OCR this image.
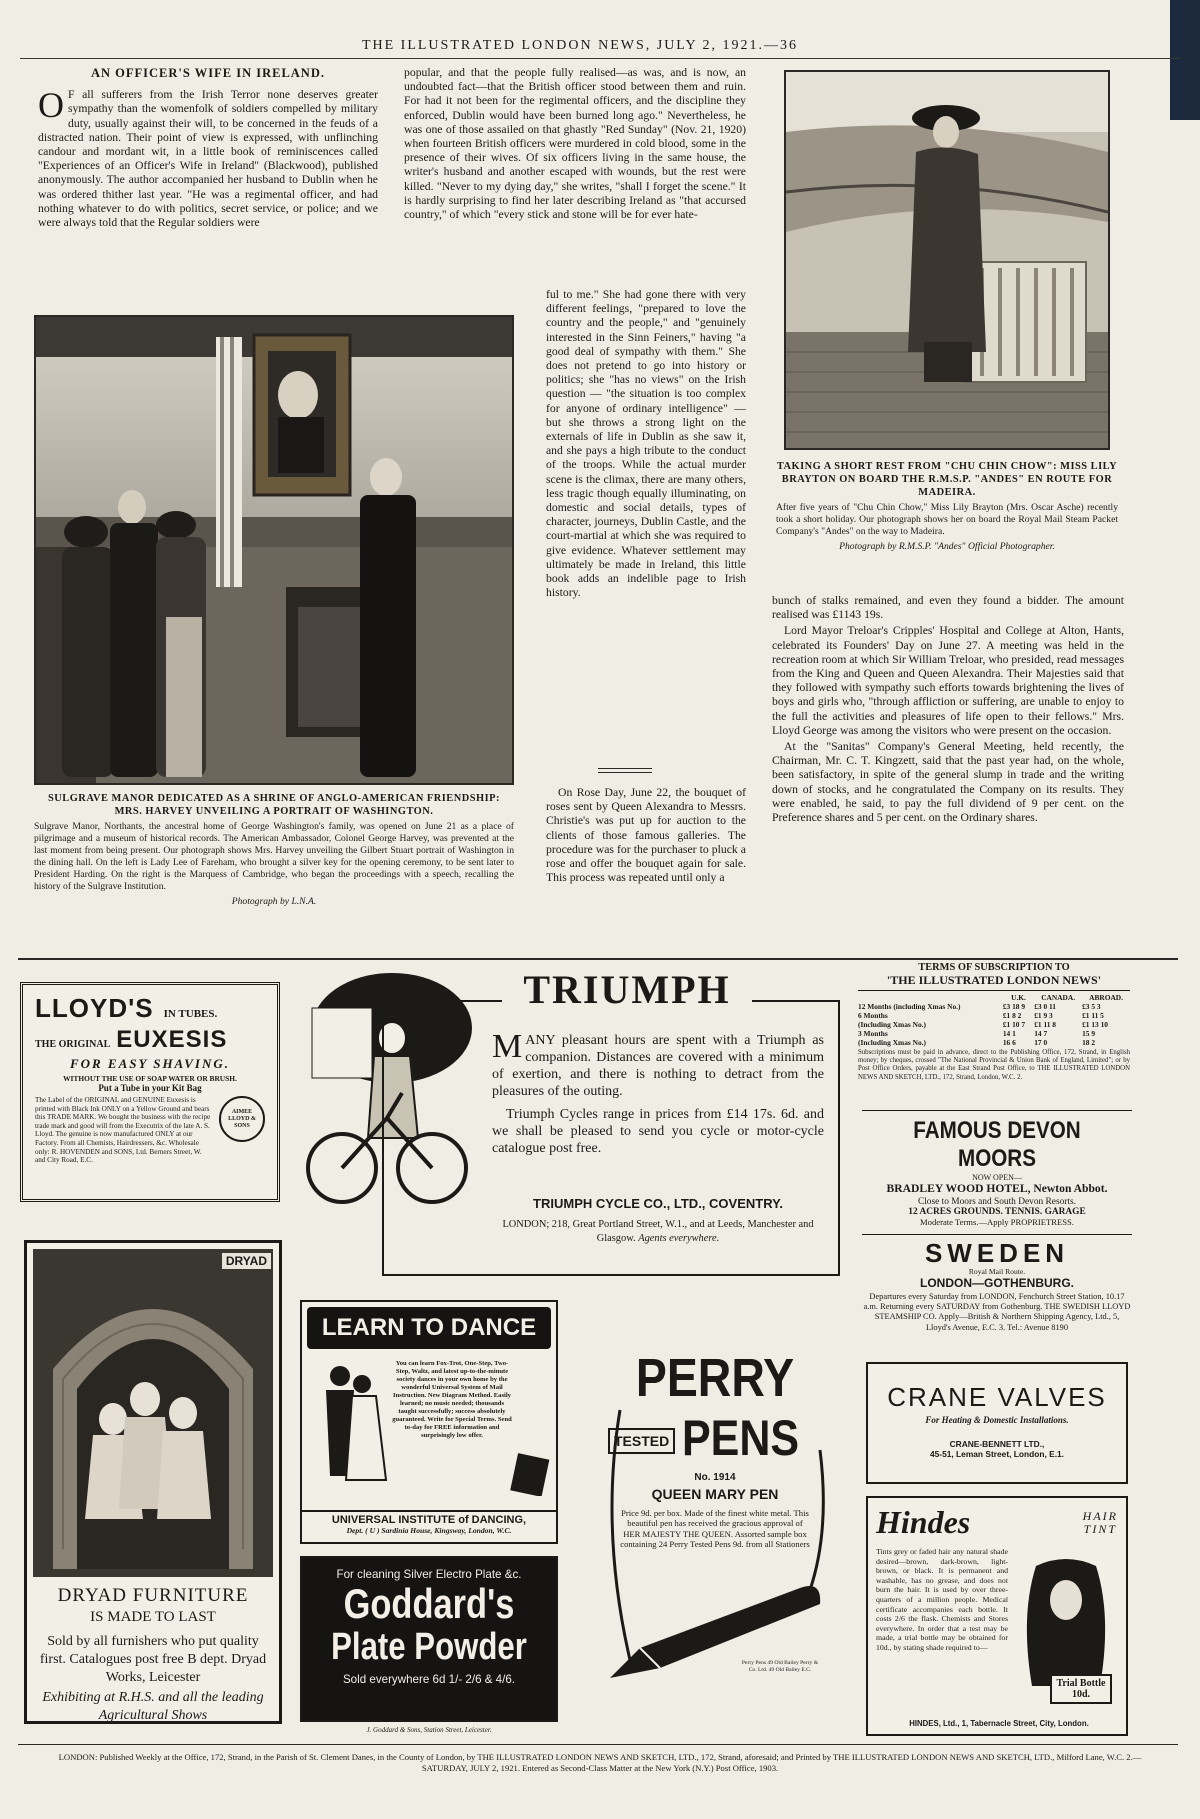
THE ILLUSTRATED LONDON NEWS, JULY 2, 1921.—36
AN OFFICER'S WIFE IN IRELAND.

O F all sufferers from the Irish Terror none deserves greater sympathy than the womenfolk of soldiers compelled by military duty, usually against their will, to be concerned in the feuds of a distracted nation. Their point of view is expressed, with unflinching candour and mordant wit, in a little book of reminiscences called "Experiences of an Officer's Wife in Ireland" (Blackwood), published anonymously. The author accompanied her husband to Dublin when he was ordered thither last year. "He was a regimental officer, and had nothing whatever to do with politics, secret service, or police; and we were always told that the Regular soldiers were

popular, and that the people fully realised—as was, and is now, an undoubted fact—that the British officer stood between them and ruin. For had it not been for the regimental officers, and the discipline they enforced, Dublin would have been burned long ago." Nevertheless, he was one of those assailed on that ghastly "Red Sunday" (Nov. 21, 1920) when fourteen British officers were murdered in cold blood, some in the presence of their wives. Of six officers living in the same house, the writer's husband and another escaped with wounds, but the rest were killed. "Never to my dying day," she writes, "shall I forget the scene." It is hardly surprising to find her later describing Ireland as "that accursed country," of which "every stick and stone will be for ever hate-

SULGRAVE MANOR DEDICATED AS A SHRINE OF ANGLO-AMERICAN FRIENDSHIP: MRS. HARVEY UNVEILING A PORTRAIT OF WASHINGTON.
Sulgrave Manor, Northants, the ancestral home of George Washington's family, was opened on June 21 as a place of pilgrimage and a museum of historical records. The American Ambassador, Colonel George Harvey, was prevented at the last moment from being present. Our photograph shows Mrs. Harvey unveiling the Gilbert Stuart portrait of Washington in the dining hall. On the left is Lady Lee of Fareham, who brought a silver key for the opening ceremony, to be sent later to President Harding. On the right is the Marquess of Cambridge, who began the proceedings with a speech, recalling the history of the Sulgrave Institution.
Photograph by L.N.A.

ful to me." She had gone there with very different feelings, "prepared to love the country and the people," and "genuinely interested in the Sinn Feiners," having "a good deal of sympathy with them." She does not pretend to go into history or politics; she "has no views" on the Irish question — "the situation is too complex for anyone of ordinary intelligence" — but she throws a strong light on the externals of life in Dublin as she saw it, and she pays a high tribute to the conduct of the troops. While the actual murder scene is the climax, there are many others, less tragic though equally illuminating, on domestic and social details, types of character, journeys, Dublin Castle, and the court-martial at which she was required to give evidence. Whatever settlement may ultimately be made in Ireland, this little book adds an indelible page to Irish history.

On Rose Day, June 22, the bouquet of roses sent by Queen Alexandra to Messrs. Christie's was put up for auction to the clients of those famous galleries. The procedure was for the purchaser to pluck a rose and offer the bouquet again for sale. This process was repeated until only a

TAKING A SHORT REST FROM "CHU CHIN CHOW": MISS LILY BRAYTON ON BOARD THE R.M.S.P. "ANDES" EN ROUTE FOR MADEIRA.
After five years of "Chu Chin Chow," Miss Lily Brayton (Mrs. Oscar Asche) recently took a short holiday. Our photograph shows her on board the Royal Mail Steam Packet Company's "Andes" on the way to Madeira.
Photograph by R.M.S.P. "Andes" Official Photographer.

bunch of stalks remained, and even they found a bidder. The amount realised was £1143 19s.

Lord Mayor Treloar's Cripples' Hospital and College at Alton, Hants, celebrated its Founders' Day on June 27. A meeting was held in the recreation room at which Sir William Treloar, who presided, read messages from the King and Queen and Queen Alexandra. Their Majesties said that they followed with sympathy such efforts towards brightening the lives of boys and girls who, "through affliction or suffering, are unable to enjoy to the full the activities and pleasures of life open to their fellows." Mrs. Lloyd George was among the visitors who were present on the occasion.

At the "Sanitas" Company's General Meeting, held recently, the Chairman, Mr. C. T. Kingzett, said that the past year had, on the whole, been satisfactory, in spite of the general slump in trade and the writing down of stocks, and he congratulated the Company on its results. They were enabled, he said, to pay the full dividend of 9 per cent. on the Preference shares and 5 per cent. on the Ordinary shares.

LLOYD'S IN TUBES.
THE ORIGINAL EUXESIS
FOR EASY SHAVING.
WITHOUT THE USE OF SOAP WATER OR BRUSH.
Put a Tube in your Kit Bag
The Label of the ORIGINAL and GENUINE Euxesis is printed with Black Ink ONLY on a Yellow Ground and bears this TRADE MARK. We bought the business with the recipe trade mark and good will from the Executrix of the late A. S. Lloyd. The genuine is now manufactured ONLY at our Factory. From all Chemists, Hairdressers, &c. Wholesale only: R. HOVENDEN and SONS, Ltd. Berners Street, W. and City Road, E.C.
AIMEE LLOYD & SONS
TRIUMPH

MANY pleasant hours are spent with a Triumph as companion. Distances are covered with a minimum of exertion, and there is nothing to detract from the pleasures of the outing.

Triumph Cycles range in prices from £14 17s. 6d. and we shall be pleased to send you cycle or motor-cycle catalogue post free.

TRIUMPH CYCLE CO., LTD., COVENTRY.
LONDON; 218, Great Portland Street, W.1., and at Leeds, Manchester and Glasgow. Agents everywhere.
TERMS OF SUBSCRIPTION TO
'THE ILLUSTRATED LONDON NEWS'
	U.K.	CANADA.	ABROAD.
12 Months (including Xmas No.)	£3 18 9	£3 0 11	£3 5 3
6 Months	£1 8 2	£1 9 3	£1 11 5
(Including Xmas No.)	£1 10 7	£1 11 8	£1 13 10
3 Months	14 1	14 7	15 9
(Including Xmas No.)	16 6	17 0	18 2
Subscriptions must be paid in advance, direct to the Publishing Office, 172, Strand, in English money; by cheques, crossed "The National Provincial & Union Bank of England, Limited"; or by Post Office Orders, payable at the East Strand Post Office, to THE ILLUSTRATED LONDON NEWS AND SKETCH, LTD., 172, Strand, London, W.C. 2.
FAMOUS DEVON MOORS
NOW OPEN—
BRADLEY WOOD HOTEL, Newton Abbot.
Close to Moors and South Devon Resorts.
12 ACRES GROUNDS. TENNIS. GARAGE
Moderate Terms.—Apply PROPRIETRESS.
SWEDEN
Royal Mail Route.
LONDON—GOTHENBURG.
Departures every Saturday from LONDON, Fenchurch Street Station, 10.17 a.m. Returning every SATURDAY from Gothenburg. THE SWEDISH LLOYD STEAMSHIP CO. Apply—British & Northern Shipping Agency, Ltd., 5, Lloyd's Avenue, E.C. 3. Tel.: Avenue 8190
CRANE VALVES
For Heating & Domestic Installations.
CRANE-BENNETT LTD.,
45-51, Leman Street, London, E.1.
Hindes	HAIR
TINT
Tints grey or faded hair any natural shade desired—brown, dark-brown, light-brown, or black. It is permanent and washable, has no grease, and does not burn the hair. It is used by over three-quarters of a million people. Medical certificate accompanies each bottle. It costs 2/6 the flask. Chemists and Stores everywhere. In order that a test may be made, a trial bottle may be obtained for 10d., by stating shade required to—
Trial Bottle 10d.
HINDES, Ltd., 1, Tabernacle Street, City, London.
DRYAD
DRYAD FURNITURE
IS MADE TO LAST
Sold by all furnishers who put quality first. Catalogues post free B dept. Dryad Works, Leicester
Exhibiting at R.H.S. and all the leading Agricultural Shows
LEARN TO DANCE
You can learn Fox-Trot, One-Step, Two-Step, Waltz, and latest up-to-the-minute society dances in your own home by the wonderful Universal System of Mail Instruction. New Diagram Method. Easily learned; no music needed; thousands taught successfully; success absolutely guaranteed. Write for Special Terms. Send to-day for FREE information and surprisingly low offer.
UNIVERSAL INSTITUTE of DANCING,
Dept. ( U ) Sardinia House, Kingsway, London, W.C.
For cleaning Silver Electro Plate &c.
Goddard's
Plate Powder
Sold everywhere 6d 1/- 2/6 & 4/6.
J. Goddard & Sons, Station Street, Leicester.
PERRY
TESTED PENS
No. 1914
QUEEN MARY PEN
Price 9d. per box. Made of the finest white metal. This beautiful pen has received the gracious approval of HER MAJESTY THE QUEEN. Assorted sample box containing 24 Perry Tested Pens 9d. from all Stationers
The Queen Mary Pen
Perry Pens 49 Old Bailey Perry & Co. Ltd. 49 Old Bailey E.C.
LONDON: Published Weekly at the Office, 172, Strand, in the Parish of St. Clement Danes, in the County of London, by THE ILLUSTRATED LONDON NEWS AND SKETCH, LTD., 172, Strand, aforesaid; and Printed by THE ILLUSTRATED LONDON NEWS AND SKETCH, LTD., Milford Lane, W.C. 2.—SATURDAY, JULY 2, 1921. Entered as Second-Class Matter at the New York (N.Y.) Post Office, 1903.
